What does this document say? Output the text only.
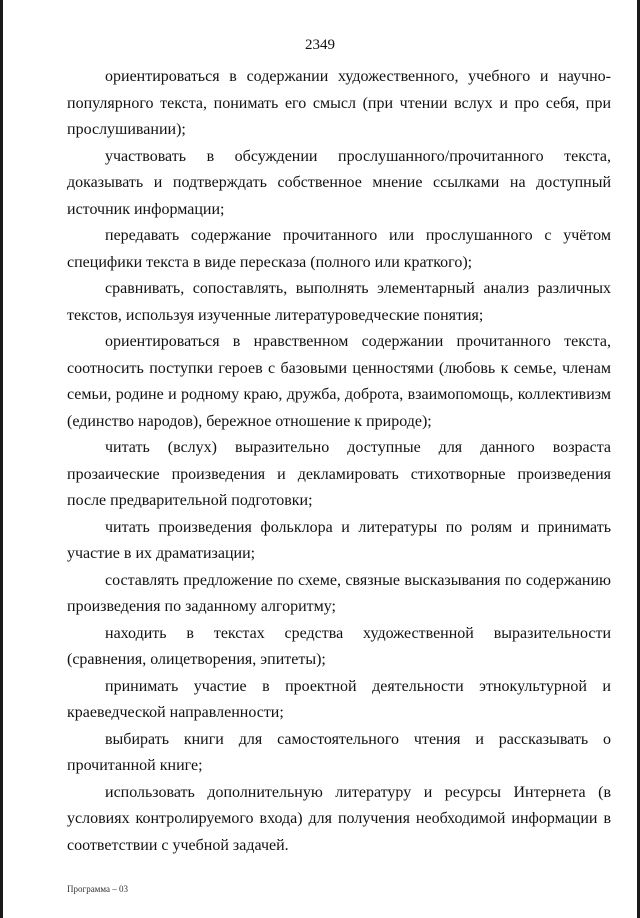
2349

ориентироваться в содержании художественного, учебного и научно-популярного текста, понимать его смысл (при чтении вслух и про себя, при прослушивании);

участвовать в обсуждении прослушанного/прочитанного текста, доказывать и подтверждать собственное мнение ссылками на доступный источник информации;

передавать содержание прочитанного или прослушанного с учётом специфики текста в виде пересказа (полного или краткого);

сравнивать, сопоставлять, выполнять элементарный анализ различных текстов, используя изученные литературоведческие понятия;

ориентироваться в нравственном содержании прочитанного текста, соотносить поступки героев с базовыми ценностями (любовь к семье, членам семьи, родине и родному краю, дружба, доброта, взаимопомощь, коллективизм (единство народов), бережное отношение к природе);

читать (вслух) выразительно доступные для данного возраста прозаические произведения и декламировать стихотворные произведения после предварительной подготовки;

читать произведения фольклора и литературы по ролям и принимать участие в их драматизации;

составлять предложение по схеме, связные высказывания по содержанию произведения по заданному алгоритму;

находить в текстах средства художественной выразительности (сравнения, олицетворения, эпитеты);

принимать участие в проектной деятельности этнокультурной и краеведческой направленности;

выбирать книги для самостоятельного чтения и рассказывать о прочитанной книге;

использовать дополнительную литературу и ресурсы Интернета (в условиях контролируемого входа) для получения необходимой информации в соответствии с учебной задачей.

Программа – 03
